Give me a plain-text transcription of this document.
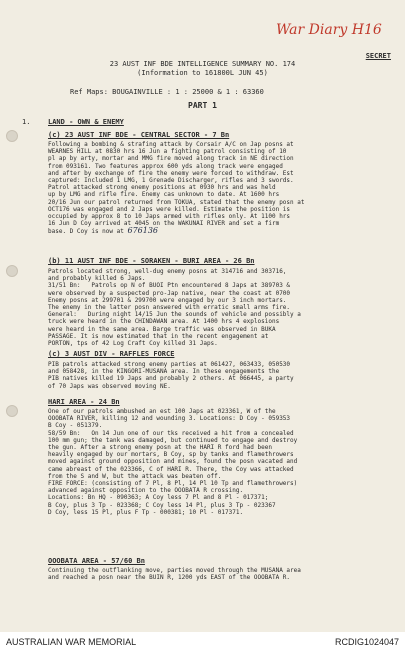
War Diary H16
SECRET
23 AUST INF BDE INTELLIGENCE SUMMARY NO. 174
(Information to 161800L JUN 45)
Ref Maps: BOUGAINVILLE : 1 : 25000 & 1 : 63360
PART 1
1.	LAND - OWN & ENEMY
(c) 23 AUST INF BDE - CENTRAL SECTOR - 7 Bn
Following a bombing & strafing attack by Corsair A/C on Jap posns at
WEARNES HILL at 0830 hrs 16 Jun a fighting patrol consisting of 10
pl ap by arty, mortar and MMG fire moved along track in NE direction
from 093161. Two features approx 600 yds along track were engaged
and after by exchange of fire the enemy were forced to withdraw. Est
captured: Included 1 LMG, 1 Grenade Discharger, rifles and 3 swords.
Patrol attacked strong enemy positions at 0930 hrs and was held
up by LMG and rifle fire. Enemy cas unknown to date. At 1600 hrs
20/16 Jun our patrol returned from TOKUA, stated that the enemy posn at
OCT176 was engaged and 2 Japs were killed. Estimate the position is
occupied by approx 8 to 10 Japs armed with rifles only. At 1100 hrs
16 Jun D Coy arrived at 4045 on the WAKUNAI RIVER and set a firm
base. D Coy is now at 676136
(b) 11 AUST INF BDE - SORAKEN - BURI AREA - 26 Bn
Patrols located strong, well-dug enemy posns at 314716 and 303716,
and probably killed 6 Japs.
31/51 Bn:   Patrols op N of BUOI Ptn encountered 8 Japs at 389703 &
were observed by a suspected pro-Jap native, near the coast at 0700
Enemy posns at 299701 & 299700 were engaged by our 3 inch mortars.
The enemy in the latter posn answered with erratic small arms fire.
General:   During night 14/15 Jun the sounds of vehicle and possibly a
truck were heard in the CHINDAWAN area. At 1400 hrs 4 explosions
were heard in the same area. Barge traffic was observed in BUKA
PASSAGE. It is now estimated that in the recent engagement at
PORTON, tps of 42 Log Craft Coy killed 31 Japs.
(c) 3 AUST DIV - RAFFLES FORCE
PIB patrols attacked strong enemy parties at 061427, 063433, 050530
and 058428, in the KINGORI-MUSANA area. In these engagements the
PIB natives killed 19 Japs and probably 2 others. At 066445, a party
of 70 Japs was observed moving NE.
HARI AREA - 24 Bn
One of our patrols ambushed an est 100 Japs at 023361, W of the
OOOBATA RIVER, killing 12 and wounding 3. Locations: D Coy - 059353
B Coy - 051379.
58/59 Bn:   On 14 Jun one of our tks received a hit from a concealed
100 mm gun; the tank was damaged, but continued to engage and destroy
the gun. After a strong enemy posn at the HARI R ford had been
heavily engaged by our mortars, B Coy, sp by tanks and flamethrowers
moved against ground opposition and mines, found the posn vacated and
came abreast of the 023366, C of HARI R. There, the Coy was attacked
from the S and W, but the attack was beaten off.
FIRE FORCE: (consisting of 7 Pl, 8 Pl, 14 Pl 10 Tp and flamethrowers)
advanced against opposition to the OOOBATA R crossing.
Locations: Bn HQ - 090363; A Coy less 7 Pl and 8 Pl - 017371;
B Coy, plus 3 Tp - 023368; C Coy less 14 Pl, plus 3 Tp - 023367
D Coy, less 15 Pl, plus F Tp - 000381; 10 Pl - 017371.
OOOBATA AREA - 57/60 Bn
Continuing the outflanking move, parties moved through the MUSANA area
and reached a posn near the BUIN R, 1200 yds EAST of the OOOBATA R.
AUSTRALIAN WAR MEMORIAL	RCDIG1024047
